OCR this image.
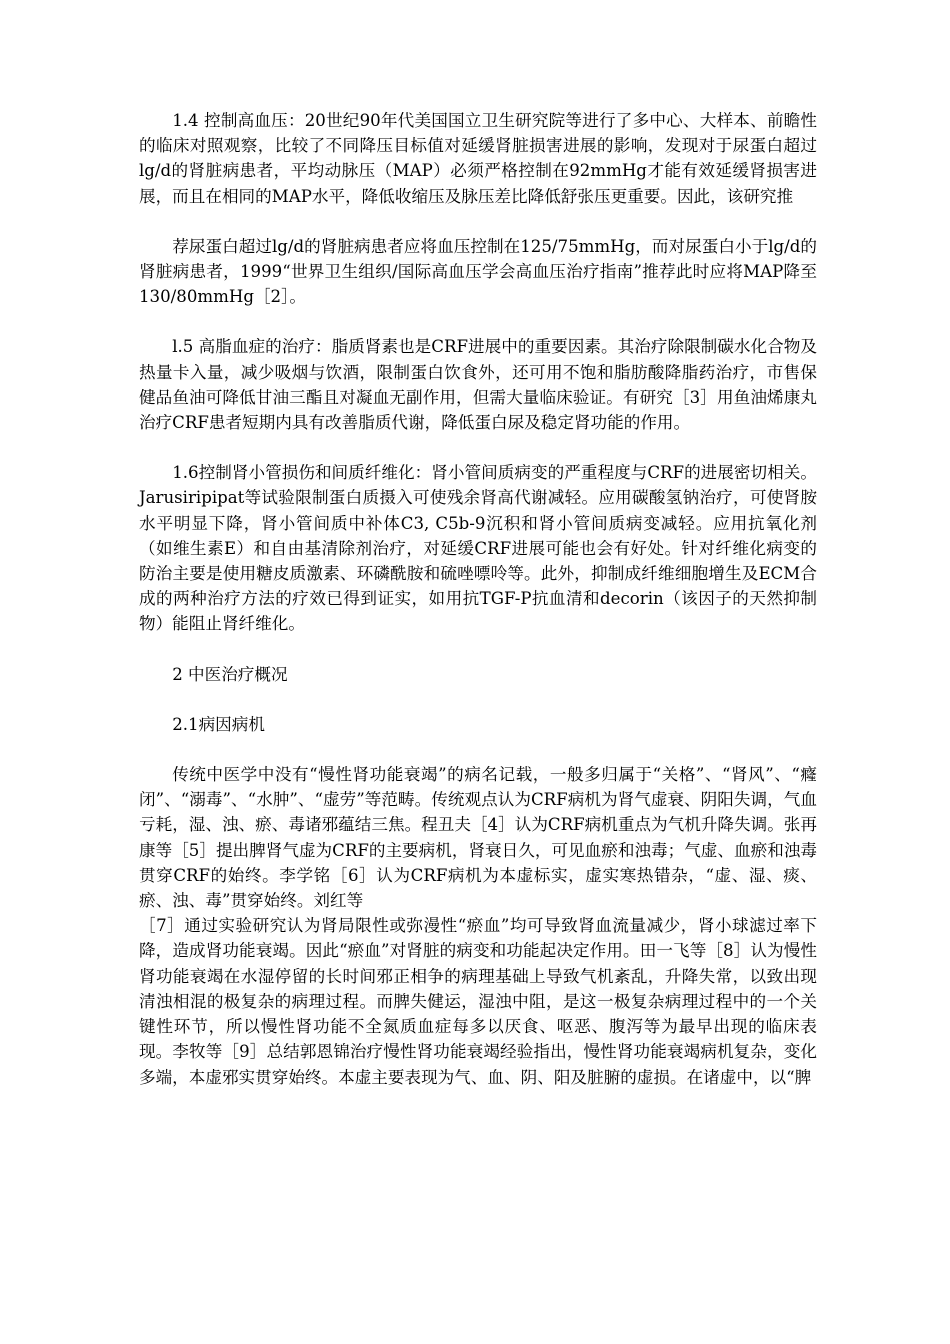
1.4 控制高血压：20世纪90年代美国国立卫生研究院等进行了多中心、大样本、前瞻性的临床对照观察，比较了不同降压目标值对延缓肾脏损害进展的影响，发现对于尿蛋白超过lg/d的肾脏病患者，平均动脉压（MAP）必须严格控制在92mmHg才能有效延缓肾损害进展，而且在相同的MAP水平，降低收缩压及脉压差比降低舒张压更重要。因此，该研究推

荐尿蛋白超过lg/d的肾脏病患者应将血压控制在125/75mmHg，而对尿蛋白小于lg/d的肾脏病患者，1999“世界卫生组织/国际高血压学会高血压治疗指南”推荐此时应将MAP降至130/80mmHg［2］。

l.5 高脂血症的治疗：脂质肾素也是CRF进展中的重要因素。其治疗除限制碳水化合物及热量卡入量，减少吸烟与饮酒，限制蛋白饮食外，还可用不饱和脂肪酸降脂药治疗，市售保健品鱼油可降低甘油三酯且对凝血无副作用，但需大量临床验证。有研究［3］用鱼油烯康丸治疗CRF患者短期内具有改善脂质代谢，降低蛋白尿及稳定肾功能的作用。

1.6控制肾小管损伤和间质纤维化：肾小管间质病变的严重程度与CRF的进展密切相关。Jarusiripipat等试验限制蛋白质摄入可使残余肾高代谢减轻。应用碳酸氢钠治疗，可使肾胺水平明显下降，肾小管间质中补体C3, C5b-9沉积和肾小管间质病变减轻。应用抗氧化剂（如维生素E）和自由基清除剂治疗，对延缓CRF进展可能也会有好处。针对纤维化病变的防治主要是使用糖皮质激素、环磷酰胺和硫唑嘌呤等。此外，抑制成纤维细胞增生及ECM合成的两种治疗方法的疗效已得到证实，如用抗TGF-P抗血清和decorin（该因子的天然抑制物）能阻止肾纤维化。

2 中医治疗概况

2.1病因病机

传统中医学中没有“慢性肾功能衰竭”的病名记载，一般多归属于“关格”、“肾风”、“癃闭”、“溺毒”、“水肿”、“虚劳”等范畴。传统观点认为CRF病机为肾气虚衰、阴阳失调，气血亏耗，湿、浊、瘀、毒诸邪蕴结三焦。程丑夫［4］认为CRF病机重点为气机升降失调。张再康等［5］提出脾肾气虚为CRF的主要病机，肾衰日久，可见血瘀和浊毒；气虚、血瘀和浊毒贯穿CRF的始终。李学铭［6］认为CRF病机为本虚标实，虚实寒热错杂，“虚、湿、痰、瘀、浊、毒”贯穿始终。刘红等

［7］通过实验研究认为肾局限性或弥漫性“瘀血”均可导致肾血流量减少，肾小球滤过率下降，造成肾功能衰竭。因此“瘀血”对肾脏的病变和功能起决定作用。田一飞等［8］认为慢性肾功能衰竭在水湿停留的长时间邪正相争的病理基础上导致气机紊乱，升降失常，以致出现清浊相混的极复杂的病理过程。而脾失健运，湿浊中阻，是这一极复杂病理过程中的一个关键性环节，所以慢性肾功能不全氮质血症每多以厌食、呕恶、腹泻等为最早出现的临床表现。李牧等［9］总结郭恩锦治疗慢性肾功能衰竭经验指出，慢性肾功能衰竭病机复杂，变化多端，本虚邪实贯穿始终。本虚主要表现为气、血、阴、阳及脏腑的虚损。在诸虚中，以“脾
